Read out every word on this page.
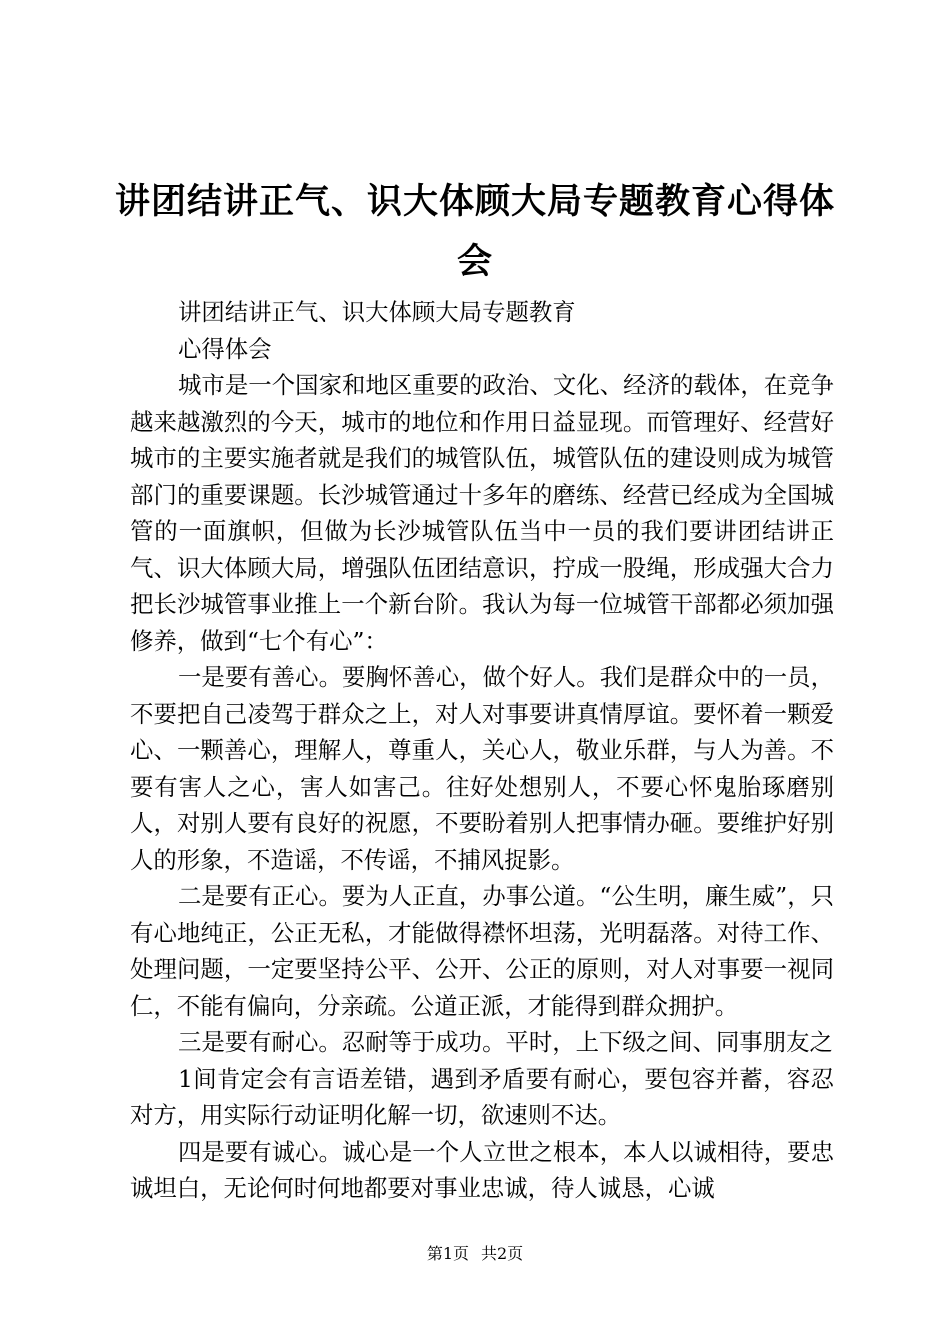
讲团结讲正气、识大体顾大局专题教育心得体会

讲团结讲正气、识大体顾大局专题教育

心得体会

城市是一个国家和地区重要的政治、文化、经济的载体，在竞争越来越激烈的今天，城市的地位和作用日益显现。而管理好、经营好城市的主要实施者就是我们的城管队伍，城管队伍的建设则成为城管部门的重要课题。长沙城管通过十多年的磨练、经营已经成为全国城管的一面旗帜，但做为长沙城管队伍当中一员的我们要讲团结讲正气、识大体顾大局，增强队伍团结意识，拧成一股绳，形成强大合力把长沙城管事业推上一个新台阶。我认为每一位城管干部都必须加强修养，做到“七个有心”：

一是要有善心。要胸怀善心，做个好人。我们是群众中的一员，不要把自己凌驾于群众之上，对人对事要讲真情厚谊。要怀着一颗爱心、一颗善心，理解人，尊重人，关心人，敬业乐群，与人为善。不要有害人之心，害人如害己。往好处想别人，不要心怀鬼胎琢磨别人，对别人要有良好的祝愿，不要盼着别人把事情办砸。要维护好别人的形象，不造谣，不传谣，不捕风捉影。

二是要有正心。要为人正直，办事公道。“公生明，廉生威”，只有心地纯正，公正无私，才能做得襟怀坦荡，光明磊落。对待工作、处理问题，一定要坚持公平、公开、公正的原则，对人对事要一视同仁，不能有偏向，分亲疏。公道正派，才能得到群众拥护。

三是要有耐心。忍耐等于成功。平时，上下级之间、同事朋友之

1间肯定会有言语差错，遇到矛盾要有耐心，要包容并蓄，容忍对方，用实际行动证明化解一切，欲速则不达。

四是要有诚心。诚心是一个人立世之根本，本人以诚相待，要忠诚坦白，无论何时何地都要对事业忠诚，待人诚恳，心诚

第1页 共2页
